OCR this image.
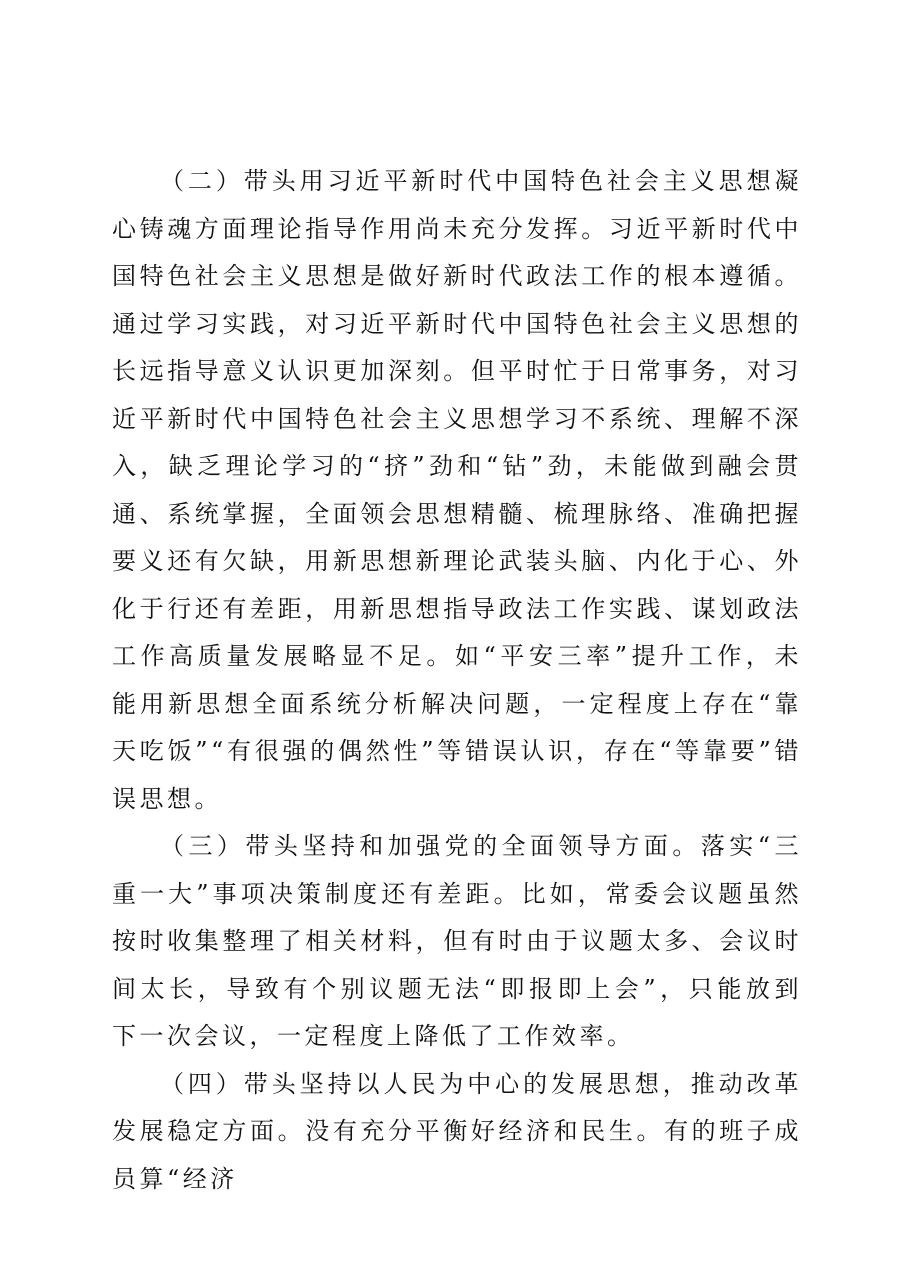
（二）带头用习近平新时代中国特色社会主义思想凝心铸魂方面理论指导作用尚未充分发挥。习近平新时代中国特色社会主义思想是做好新时代政法工作的根本遵循。通过学习实践，对习近平新时代中国特色社会主义思想的长远指导意义认识更加深刻。但平时忙于日常事务，对习近平新时代中国特色社会主义思想学习不系统、理解不深入，缺乏理论学习的“挤”劲和“钻”劲，未能做到融会贯通、系统掌握，全面领会思想精髓、梳理脉络、准确把握要义还有欠缺，用新思想新理论武装头脑、内化于心、外化于行还有差距，用新思想指导政法工作实践、谋划政法工作高质量发展略显不足。如“平安三率”提升工作，未能用新思想全面系统分析解决问题，一定程度上存在“靠天吃饭”“有很强的偶然性”等错误认识，存在“等靠要”错误思想。

（三）带头坚持和加强党的全面领导方面。落实“三重一大”事项决策制度还有差距。比如，常委会议题虽然按时收集整理了相关材料，但有时由于议题太多、会议时间太长，导致有个别议题无法“即报即上会”，只能放到下一次会议，一定程度上降低了工作效率。

（四）带头坚持以人民为中心的发展思想，推动改革发展稳定方面。没有充分平衡好经济和民生。有的班子成员算“经济
